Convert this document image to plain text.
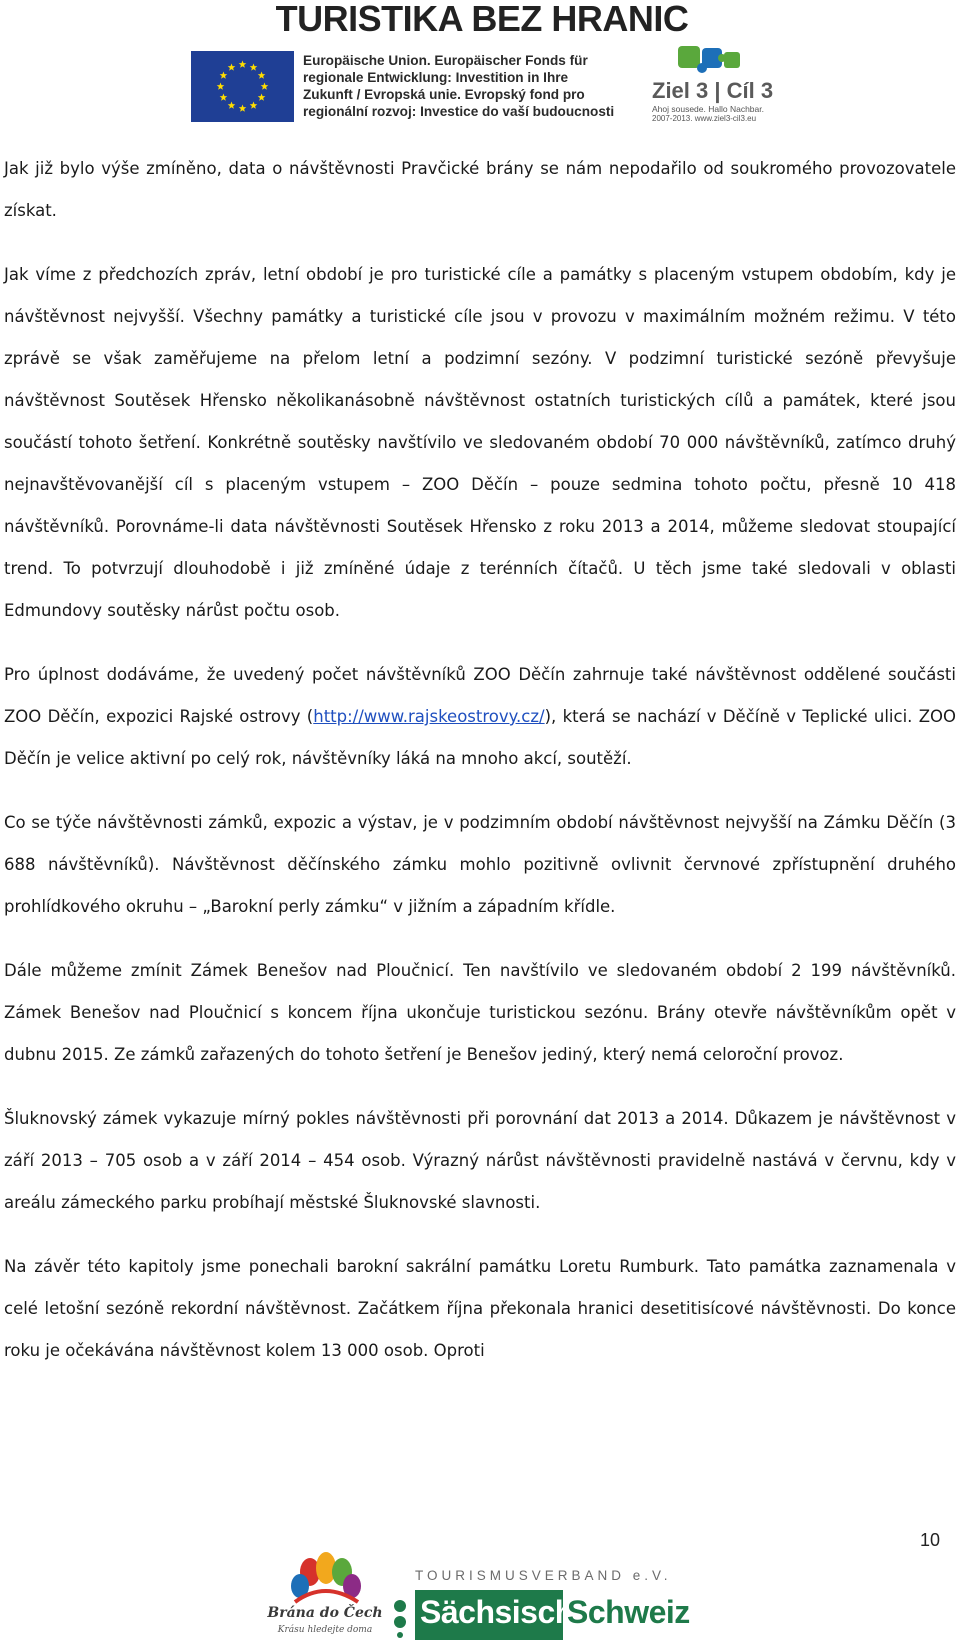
TURISTIKA BEZ HRANIC
Europäische Union. Europäischer Fonds für
regionale Entwicklung: Investition in Ihre
Zukunft / Evropská unie. Evropský fond pro
regionální rozvoj: Investice do vaší budoucnosti
Ziel 3 | Cíl 3
Ahoj sousede. Hallo Nachbar.
2007-2013. www.ziel3-cil3.eu

Jak již bylo výše zmíněno, data o návštěvnosti Pravčické brány se nám nepodařilo od soukromého provozovatele získat.

Jak víme z předchozích zpráv, letní období je pro turistické cíle a památky s placeným vstupem obdobím, kdy je návštěvnost nejvyšší. Všechny památky a turistické cíle jsou v provozu v maximálním možném režimu. V této zprávě se však zaměřujeme na přelom letní a podzimní sezóny. V podzimní turistické sezóně převyšuje návštěvnost Soutěsek Hřensko několikanásobně návštěvnost ostatních turistických cílů a památek, které jsou součástí tohoto šetření. Konkrétně soutěsky navštívilo ve sledovaném období 70 000 návštěvníků, zatímco druhý nejnavštěvovanější cíl s placeným vstupem – ZOO Děčín – pouze sedmina tohoto počtu, přesně 10 418 návštěvníků. Porovnáme-li data návštěvnosti Soutěsek Hřensko z roku 2013 a 2014, můžeme sledovat stoupající trend. To potvrzují dlouhodobě i již zmíněné údaje z terénních čítačů. U těch jsme také sledovali v oblasti Edmundovy soutěsky nárůst počtu osob.

Pro úplnost dodáváme, že uvedený počet návštěvníků ZOO Děčín zahrnuje také návštěvnost oddělené součásti ZOO Děčín, expozici Rajské ostrovy (http://www.rajskeostrovy.cz/), která se nachází v Děčíně v Teplické ulici. ZOO Děčín je velice aktivní po celý rok, návštěvníky láká na mnoho akcí, soutěží.

Co se týče návštěvnosti zámků, expozic a výstav, je v podzimním období návštěvnost nejvyšší na Zámku Děčín (3 688 návštěvníků). Návštěvnost děčínského zámku mohlo pozitivně ovlivnit červnové zpřístupnění druhého prohlídkového okruhu – „Barokní perly zámku“ v jižním a západním křídle.

Dále můžeme zmínit Zámek Benešov nad Ploučnicí. Ten navštívilo ve sledovaném období 2 199 návštěvníků. Zámek Benešov nad Ploučnicí s koncem října ukončuje turistickou sezónu. Brány otevře návštěvníkům opět v dubnu 2015. Ze zámků zařazených do tohoto šetření je Benešov jediný, který nemá celoroční provoz.

Šluknovský zámek vykazuje mírný pokles návštěvnosti při porovnání dat 2013 a 2014. Důkazem je návštěvnost v září 2013 – 705 osob a v září 2014 – 454 osob. Výrazný nárůst návštěvnosti pravidelně nastává v červnu, kdy v areálu zámeckého parku probíhají městské Šluknovské slavnosti.

Na závěr této kapitoly jsme ponechali barokní sakrální památku Loretu Rumburk. Tato památka zaznamenala v celé letošní sezóně rekordní návštěvnost. Začátkem října překonala hranici desetitisícové návštěvnosti. Do konce roku je očekávána návštěvnost kolem 13 000 osob. Oproti

10
Brána do Čech
Krásu hledejte doma
TOURISMUSVERBAND e.V.
Sächsische
Schweiz
